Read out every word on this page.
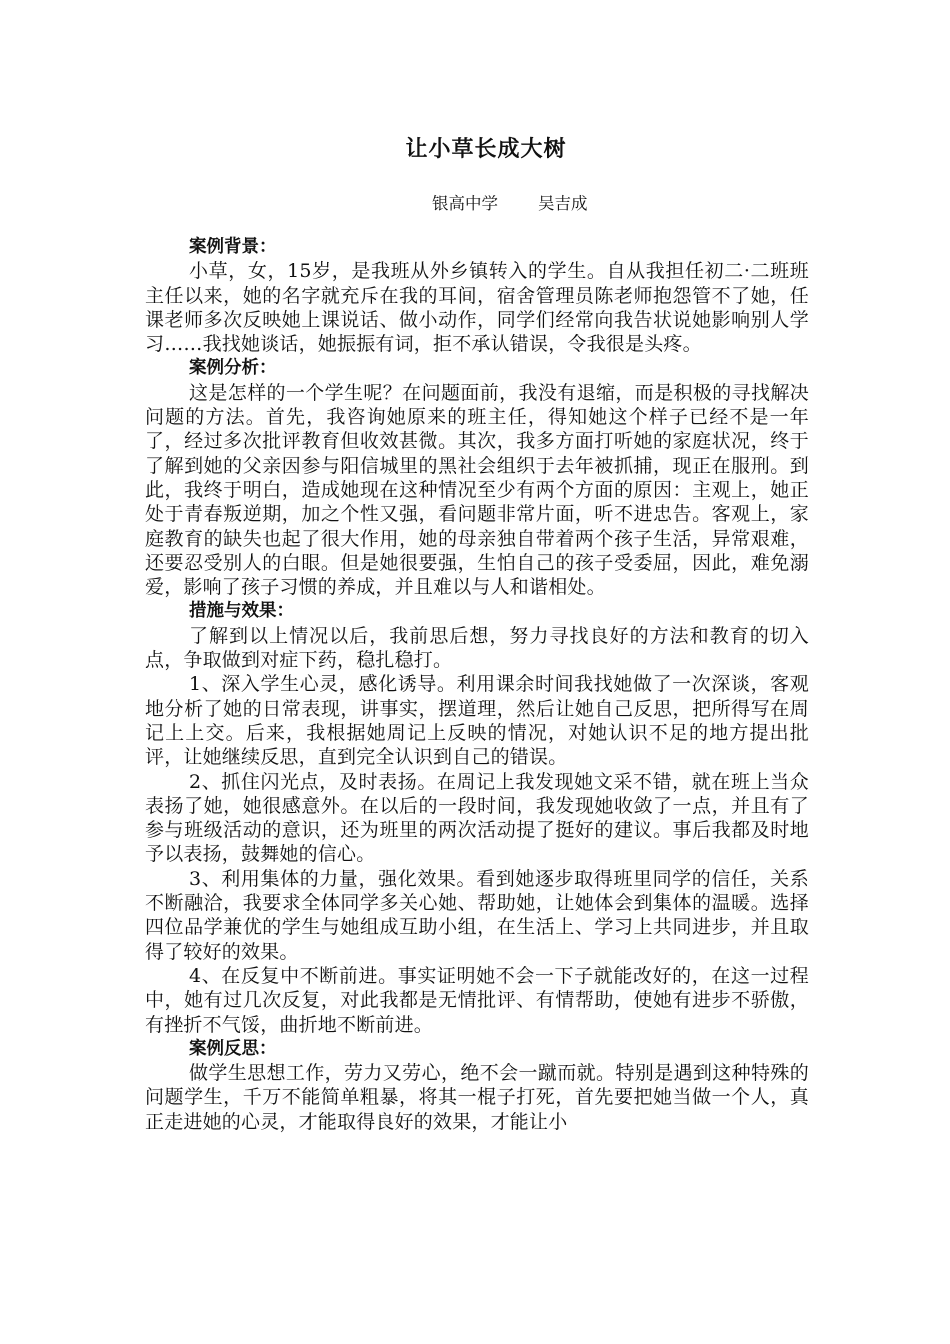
让小草长成大树
银高中学 吴吉成

案例背景：

小草，女，15岁，是我班从外乡镇转入的学生。自从我担任初二·二班班主任以来，她的名字就充斥在我的耳间，宿舍管理员陈老师抱怨管不了她，任课老师多次反映她上课说话、做小动作，同学们经常向我告状说她影响别人学习……我找她谈话，她振振有词，拒不承认错误，令我很是头疼。

案例分析：

这是怎样的一个学生呢？在问题面前，我没有退缩，而是积极的寻找解决问题的方法。首先，我咨询她原来的班主任，得知她这个样子已经不是一年了，经过多次批评教育但收效甚微。其次，我多方面打听她的家庭状况，终于了解到她的父亲因参与阳信城里的黑社会组织于去年被抓捕，现正在服刑。到此，我终于明白，造成她现在这种情况至少有两个方面的原因：主观上，她正处于青春叛逆期，加之个性又强，看问题非常片面，听不进忠告。客观上，家庭教育的缺失也起了很大作用，她的母亲独自带着两个孩子生活，异常艰难，还要忍受别人的白眼。但是她很要强，生怕自己的孩子受委屈，因此，难免溺爱，影响了孩子习惯的养成，并且难以与人和谐相处。

措施与效果：

了解到以上情况以后，我前思后想，努力寻找良好的方法和教育的切入点，争取做到对症下药，稳扎稳打。

1、深入学生心灵，感化诱导。利用课余时间我找她做了一次深谈，客观地分析了她的日常表现，讲事实，摆道理，然后让她自己反思，把所得写在周记上上交。后来，我根据她周记上反映的情况，对她认识不足的地方提出批评，让她继续反思，直到完全认识到自己的错误。

2、抓住闪光点，及时表扬。在周记上我发现她文采不错，就在班上当众表扬了她，她很感意外。在以后的一段时间，我发现她收敛了一点，并且有了参与班级活动的意识，还为班里的两次活动提了挺好的建议。事后我都及时地予以表扬，鼓舞她的信心。

3、利用集体的力量，强化效果。看到她逐步取得班里同学的信任，关系不断融洽，我要求全体同学多关心她、帮助她，让她体会到集体的温暖。选择四位品学兼优的学生与她组成互助小组，在生活上、学习上共同进步，并且取得了较好的效果。

4、在反复中不断前进。事实证明她不会一下子就能改好的，在这一过程中，她有过几次反复，对此我都是无情批评、有情帮助，使她有进步不骄傲，有挫折不气馁，曲折地不断前进。

案例反思：

做学生思想工作，劳力又劳心，绝不会一蹴而就。特别是遇到这种特殊的问题学生，千万不能简单粗暴，将其一棍子打死，首先要把她当做一个人，真正走进她的心灵，才能取得良好的效果，才能让小
